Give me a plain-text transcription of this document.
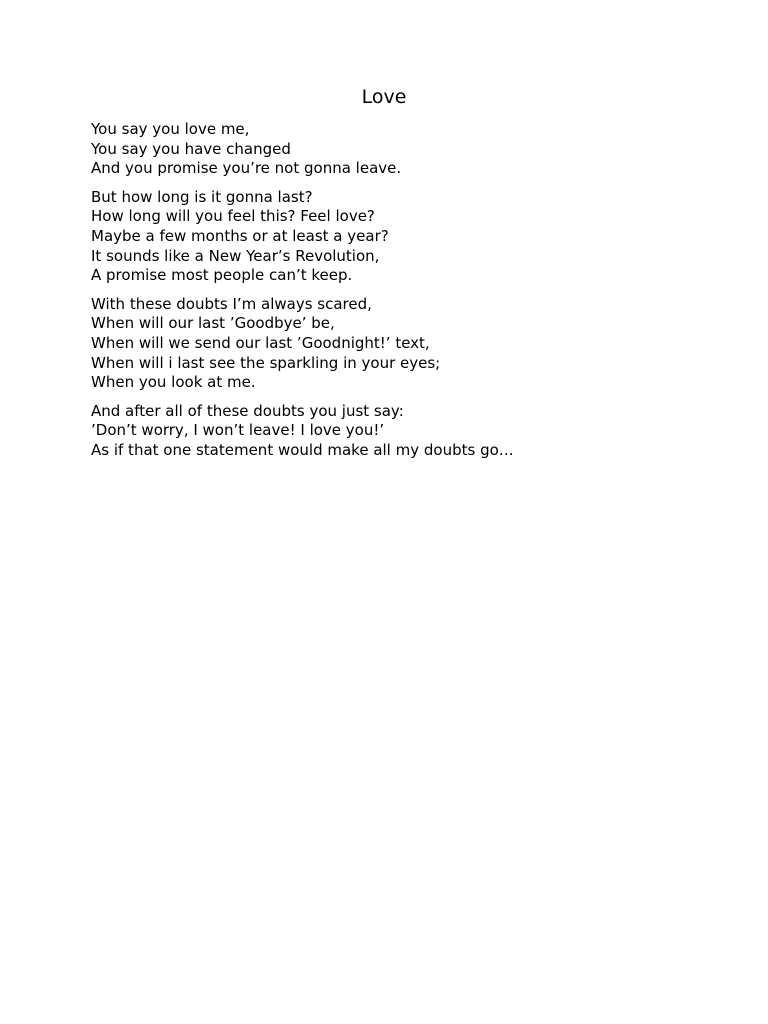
Love
You say you love me,
You say you have changed
And you promise you’re not gonna leave.
But how long is it gonna last?
How long will you feel this? Feel love?
Maybe a few months or at least a year?
It sounds like a New Year’s Revolution,
A promise most people can’t keep.
With these doubts I’m always scared,
When will our last ’Goodbye’ be,
When will we send our last ’Goodnight!’ text,
When will i last see the sparkling in your eyes;
When you look at me.
And after all of these doubts you just say:
’Don’t worry, I won’t leave! I love you!’
As if that one statement would make all my doubts go…
